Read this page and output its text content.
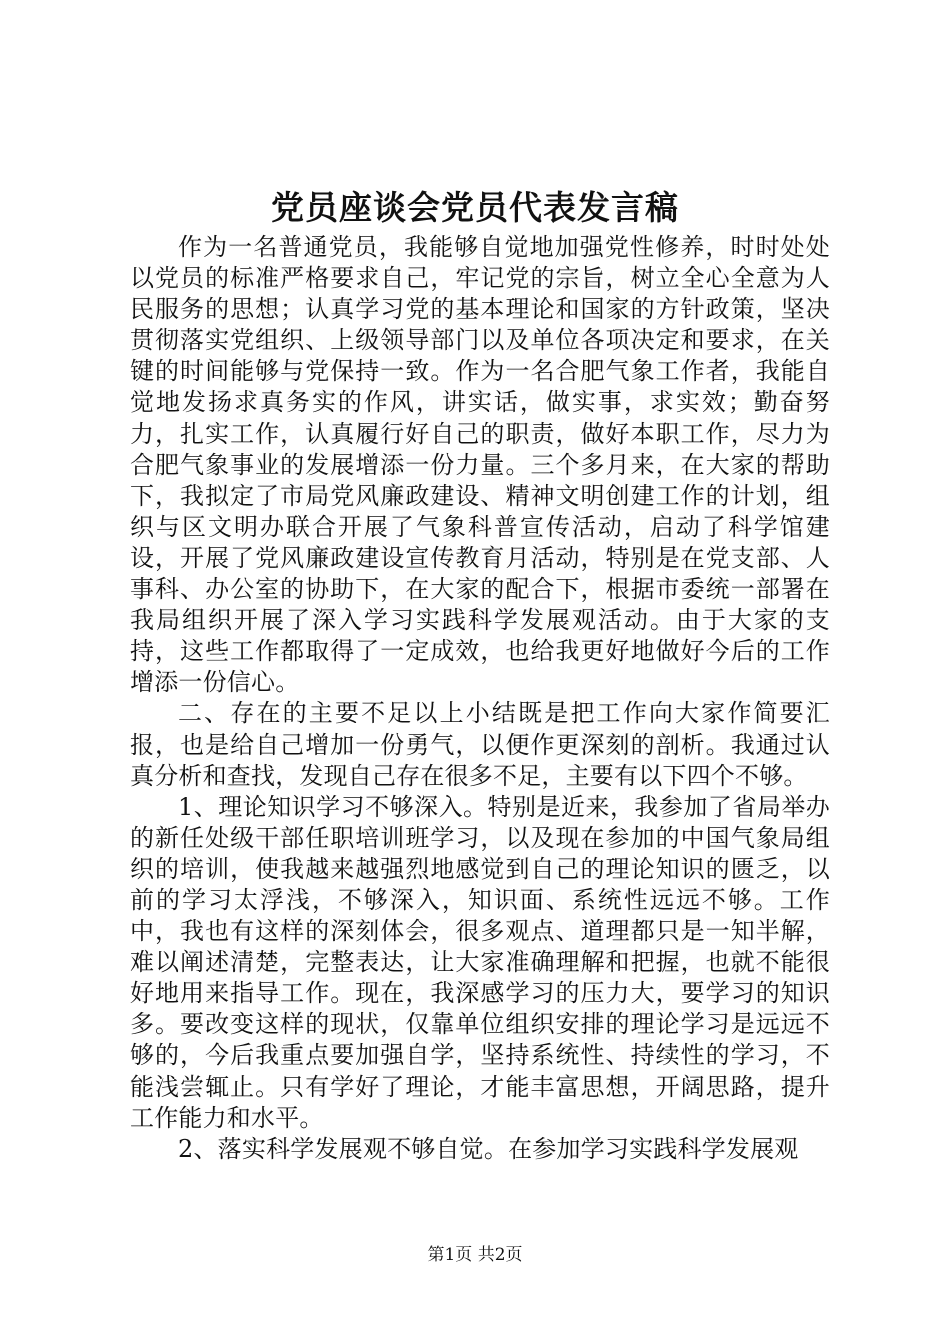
党员座谈会党员代表发言稿

作为一名普通党员，我能够自觉地加强党性修养，时时处处以党员的标准严格要求自己，牢记党的宗旨，树立全心全意为人民服务的思想；认真学习党的基本理论和国家的方针政策，坚决贯彻落实党组织、上级领导部门以及单位各项决定和要求，在关键的时间能够与党保持一致。作为一名合肥气象工作者，我能自觉地发扬求真务实的作风，讲实话，做实事，求实效；勤奋努力，扎实工作，认真履行好自己的职责，做好本职工作，尽力为合肥气象事业的发展增添一份力量。三个多月来，在大家的帮助下，我拟定了市局党风廉政建设、精神文明创建工作的计划，组织与区文明办联合开展了气象科普宣传活动，启动了科学馆建设，开展了党风廉政建设宣传教育月活动，特别是在党支部、人事科、办公室的协助下，在大家的配合下，根据市委统一部署在我局组织开展了深入学习实践科学发展观活动。由于大家的支持，这些工作都取得了一定成效，也给我更好地做好今后的工作增添一份信心。

二、存在的主要不足以上小结既是把工作向大家作简要汇报，也是给自己增加一份勇气，以便作更深刻的剖析。我通过认真分析和查找，发现自己存在很多不足，主要有以下四个不够。

1、理论知识学习不够深入。特别是近来，我参加了省局举办的新任处级干部任职培训班学习，以及现在参加的中国气象局组织的培训，使我越来越强烈地感觉到自己的理论知识的匮乏，以前的学习太浮浅，不够深入，知识面、系统性远远不够。工作中，我也有这样的深刻体会，很多观点、道理都只是一知半解，难以阐述清楚，完整表达，让大家准确理解和把握，也就不能很好地用来指导工作。现在，我深感学习的压力大，要学习的知识多。要改变这样的现状，仅靠单位组织安排的理论学习是远远不够的，今后我重点要加强自学，坚持系统性、持续性的学习，不能浅尝辄止。只有学好了理论，才能丰富思想，开阔思路，提升工作能力和水平。

2、落实科学发展观不够自觉。在参加学习实践科学发展观

第1页 共2页
